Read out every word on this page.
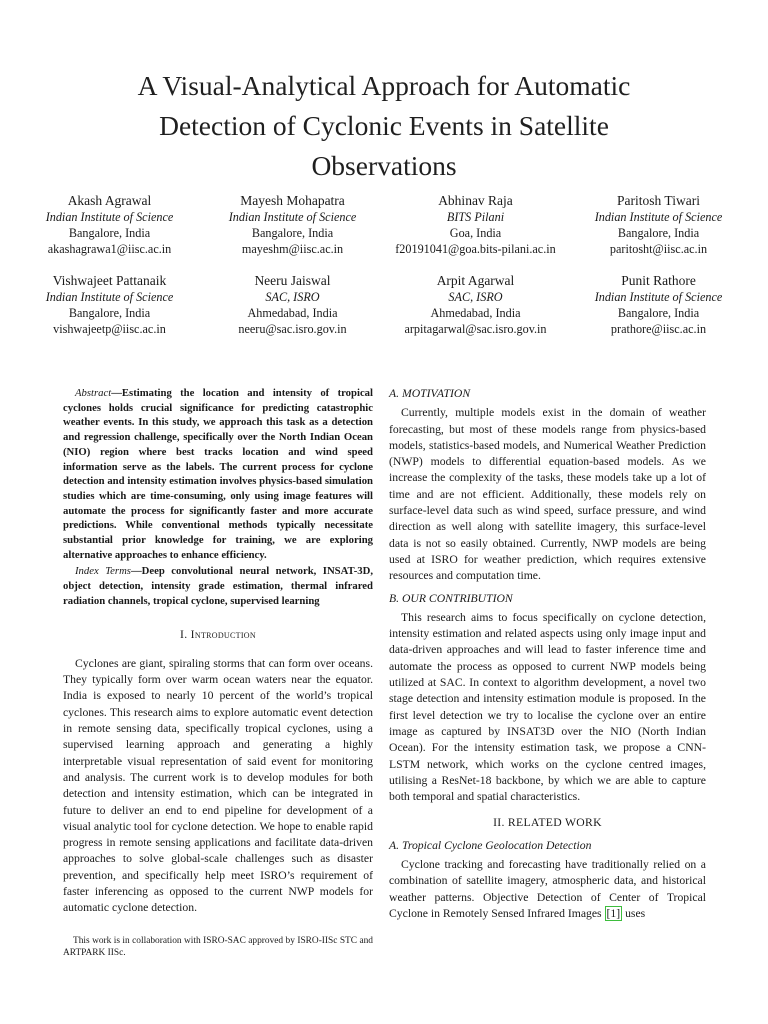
A Visual-Analytical Approach for Automatic
Detection of Cyclonic Events in Satellite
Observations
Akash Agrawal
Indian Institute of Science
Bangalore, India
akashagrawa1@iisc.ac.in
Mayesh Mohapatra
Indian Institute of Science
Bangalore, India
mayeshm@iisc.ac.in
Abhinav Raja
BITS Pilani
Goa, India
f20191041@goa.bits-pilani.ac.in
Paritosh Tiwari
Indian Institute of Science
Bangalore, India
paritosht@iisc.ac.in
Vishwajeet Pattanaik
Indian Institute of Science
Bangalore, India
vishwajeetp@iisc.ac.in
Neeru Jaiswal
SAC, ISRO
Ahmedabad, India
neeru@sac.isro.gov.in
Arpit Agarwal
SAC, ISRO
Ahmedabad, India
arpitagarwal@sac.isro.gov.in
Punit Rathore
Indian Institute of Science
Bangalore, India
prathore@iisc.ac.in

Abstract—Estimating the location and intensity of tropical cyclones holds crucial significance for predicting catastrophic weather events. In this study, we approach this task as a detection and regression challenge, specifically over the North Indian Ocean (NIO) region where best tracks location and wind speed information serve as the labels. The current process for cyclone detection and intensity estimation involves physics-based simulation studies which are time-consuming, only using image features will automate the process for significantly faster and more accurate predictions. While conventional methods typically necessitate substantial prior knowledge for training, we are exploring alternative approaches to enhance efficiency.

Index Terms—Deep convolutional neural network, INSAT-3D, object detection, intensity grade estimation, thermal infrared radiation channels, tropical cyclone, supervised learning

I. Introduction

Cyclones are giant, spiraling storms that can form over oceans. They typically form over warm ocean waters near the equator. India is exposed to nearly 10 percent of the world’s tropical cyclones. This research aims to explore automatic event detection in remote sensing data, specifically tropical cyclones, using a supervised learning approach and generating a highly interpretable visual representation of said event for monitoring and analysis. The current work is to develop modules for both detection and intensity estimation, which can be integrated in future to deliver an end to end pipeline for development of a visual analytic tool for cyclone detection. We hope to enable rapid progress in remote sensing applications and facilitate data-driven approaches to solve global-scale challenges such as disaster prevention, and specifically help meet ISRO’s requirement of faster inferencing as opposed to the current NWP models for automatic cyclone detection.

This work is in collaboration with ISRO-SAC approved by ISRO-IISc STC and ARTPARK IISc.

A. MOTIVATION

Currently, multiple models exist in the domain of weather forecasting, but most of these models range from physics-based models, statistics-based models, and Numerical Weather Prediction (NWP) models to differential equation-based models. As we increase the complexity of the tasks, these models take up a lot of time and are not efficient. Additionally, these models rely on surface-level data such as wind speed, surface pressure, and wind direction as well along with satellite imagery, this surface-level data is not so easily obtained. Currently, NWP models are being used at ISRO for weather prediction, which requires extensive resources and computation time.

B. OUR CONTRIBUTION

This research aims to focus specifically on cyclone detection, intensity estimation and related aspects using only image input and data-driven approaches and will lead to faster inference time and automate the process as opposed to current NWP models being utilized at SAC. In context to algorithm development, a novel two stage detection and intensity estimation module is proposed. In the first level detection we try to localise the cyclone over an entire image as captured by INSAT3D over the NIO (North Indian Ocean). For the intensity estimation task, we propose a CNN-LSTM network, which works on the cyclone centred images, utilising a ResNet-18 backbone, by which we are able to capture both temporal and spatial characteristics.

II. RELATED WORK
A. Tropical Cyclone Geolocation Detection

Cyclone tracking and forecasting have traditionally relied on a combination of satellite imagery, atmospheric data, and historical weather patterns. Objective Detection of Center of Tropical Cyclone in Remotely Sensed Infrared Images [1] uses
